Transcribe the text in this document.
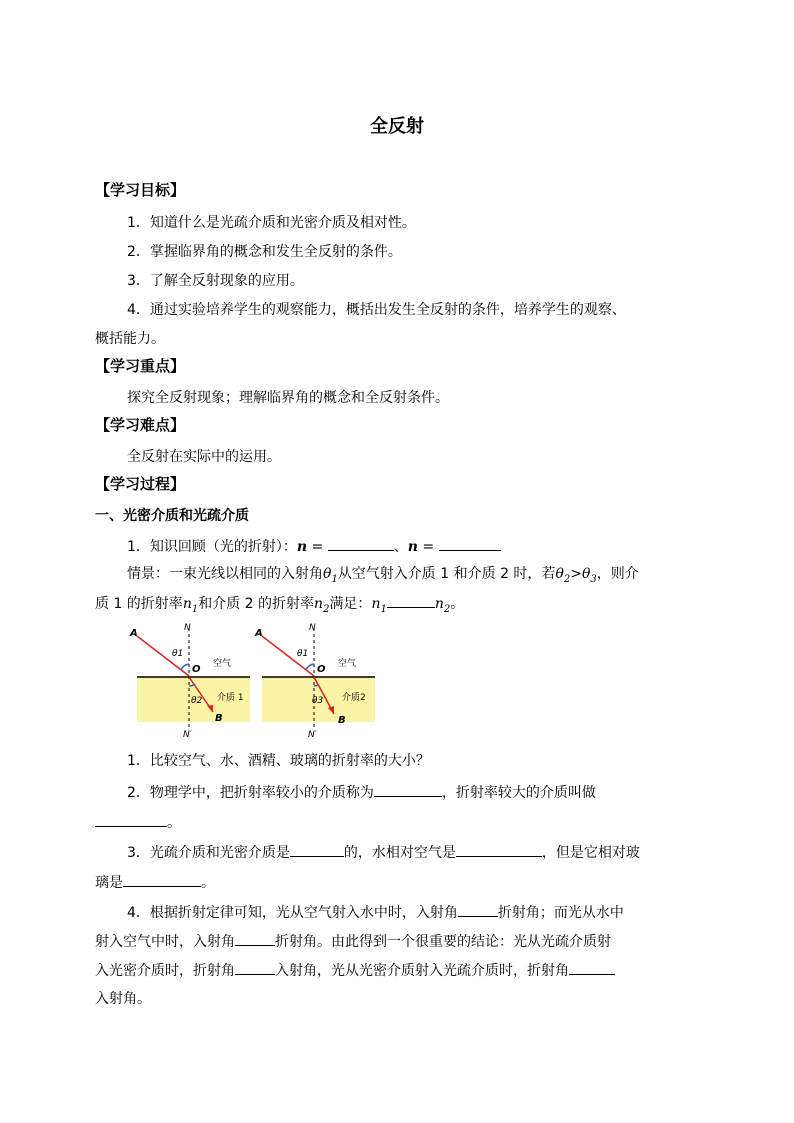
全反射
【学习目标】
1．知道什么是光疏介质和光密介质及相对性。
2．掌握临界角的概念和发生全反射的条件。
3．了解全反射现象的应用。
4．通过实验培养学生的观察能力，概括出发生全反射的条件，培养学生的观察、
概括能力。
【学习重点】
探究全反射现象；理解临界角的概念和全反射条件。
【学习难点】
全反射在实际中的运用。
【学习过程】
一、光密介质和光疏介质
1．知识回顾（光的折射）：n =	、n =
情景：一束光线以相同的入射角$\theta_1$从空气射入介质 1 和介质 2 时，若$\theta_2>\theta_3$，则介
质 1 的折射率$n_1$和介质 2 的折射率$n_2$满足：$n_1$	$n_2$。
A	N
θ1
O 空气
介质 1
θ2
B
N′
A	N
θ1
O 空气
介质2
θ3
B
N′
1．比较空气、水、酒精、玻璃的折射率的大小？
2．物理学中，把折射率较小的介质称为	，折射率较大的介质叫做
。
3．光疏介质和光密介质是	的，水相对空气是	，但是它相对玻
璃是	。
4．根据折射定律可知，光从空气射入水中时，入射角	折射角；而光从水中
射入空气中时，入射角	折射角。由此得到一个很重要的结论：光从光疏介质射
入光密介质时，折射角	入射角，光从光密介质射入光疏介质时，折射角
入射角。
